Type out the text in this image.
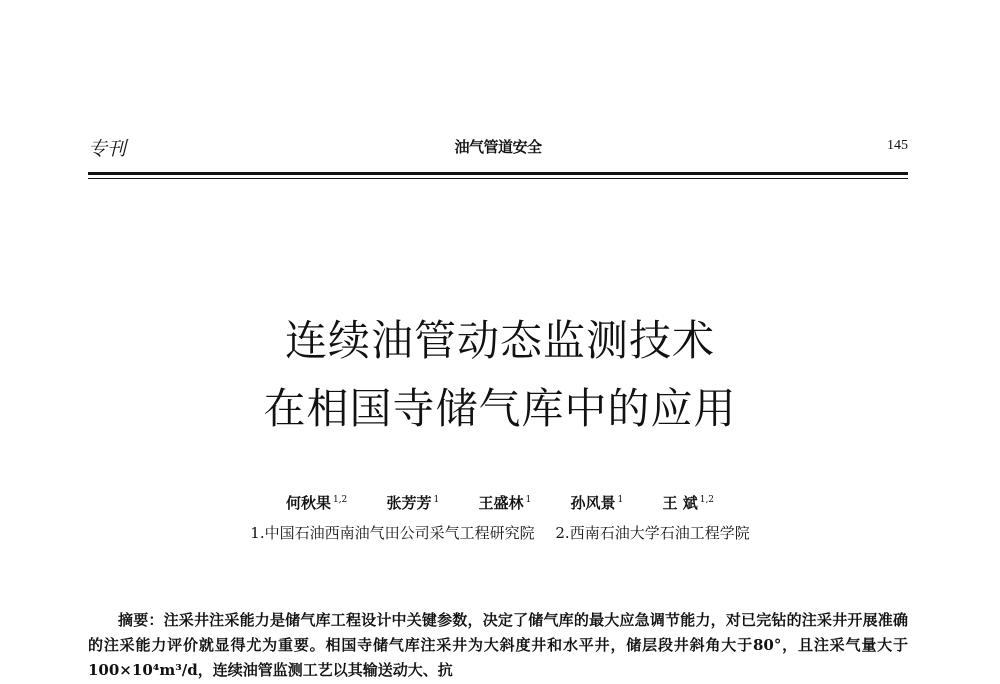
专刊	油气管道安全	145
连续油管动态监测技术
在相国寺储气库中的应用
何秋果 $^{1,2}$	张芳芳 $^1$	王盛林 $^1$	孙风景 $^1$	王 斌 $^{1,2}$
1.中国石油西南油气田公司采气工程研究院 2.西南石油大学石油工程学院

摘要：注采井注采能力是储气库工程设计中关键参数，决定了储气库的最大应急调节能力，对已完钻的注采井开展准确的注采能力评价就显得尤为重要。相国寺储气库注采井为大斜度井和水平井，储层段井斜角大于80°，且注采气量大于100×10⁴m³/d，连续油管监测工艺以其输送动大、抗
